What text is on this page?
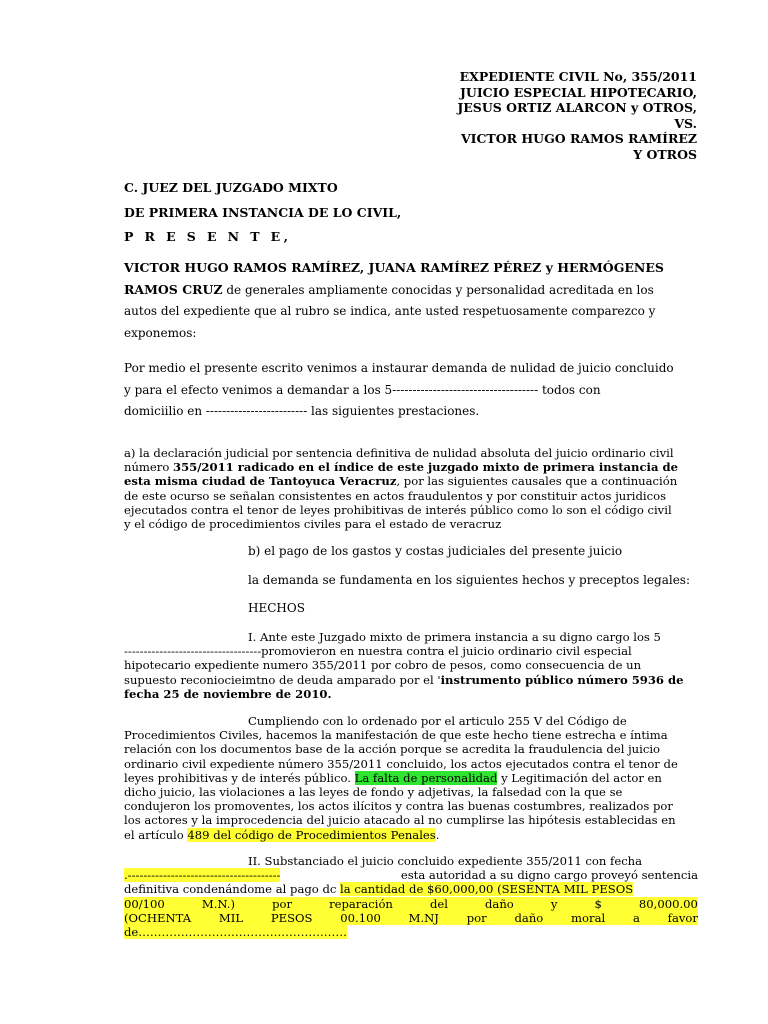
EXPEDIENTE CIVIL No, 355/2011
JUICIO ESPECIAL HIPOTECARIO,
JESUS ORTIZ ALARCON y OTROS,
VS.
VICTOR HUGO RAMOS RAMÍREZ
Y OTROS
C. JUEZ DEL JUZGADO MIXTO
DE PRIMERA INSTANCIA DE LO CIVIL,
P R E S E N T E,
VICTOR HUGO RAMOS RAMÍREZ, JUANA RAMÍREZ PÉREZ y HERMÓGENES
RAMOS CRUZ de generales ampliamente conocidas y personalidad acreditada en los
autos del expediente que al rubro se indica, ante usted respetuosamente comparezco y
exponemos:
Por medio el presente escrito venimos a instaurar demanda de nulidad de juicio concluido
y para el efecto venimos a demandar a los 5------------------------------------ todos con
domiciilio en ------------------------- las siguientes prestaciones.
a) la declaración judicial por sentencia definitiva de nulidad absoluta del juicio ordinario civil
número 355/2011 radicado en el índice de este juzgado mixto de primera instancia de
esta misma ciudad de Tantoyuca Veracruz, por las siguientes causales que a continuación
de este ocurso se señalan consistentes en actos fraudulentos y por constituir actos juridicos
ejecutados contra el tenor de leyes prohibitivas de interés público como lo son el código civil
y el código de procedimientos civiles para el estado de veracruz
b) el pago de los gastos y costas judiciales del presente juicio
la demanda se fundamenta en los siguientes hechos y preceptos legales:
HECHOS
I. Ante este Juzgado mixto de primera instancia a su digno cargo los 5
-----------------------------------promovieron en nuestra contra el juicio ordinario civil especial
hipotecario expediente numero 355/2011 por cobro de pesos, como consecuencia de un
supuesto reconiocieimtno de deuda amparado por el 'instrumento público número 5936 de
fecha 25 de noviembre de 2010.
Cumpliendo con lo ordenado por el articulo 255 V del Código de
Procedimientos Civiles, hacemos la manifestación de que este hecho tiene estrecha e íntima
relación con los documentos base de la acción porque se acredita la fraudulencia del juicio
ordinario civil expediente número 355/2011 concluido, los actos ejecutados contra el tenor de
leyes prohibitivas y de interés público. La falta de personalidad y Legitimación del actor en
dicho juicio, las violaciones a las leyes de fondo y adjetivas, la falsedad con la que se
condujeron los promoventes, los actos ilícitos y contra las buenas costumbres, realizados por
los actores y la improcedencia del juicio atacado al no cumplirse las hipótesis establecidas en
el artículo 489 del código de Procedimientos Penales.
II. Substanciado el juicio concluido expediente 355/2011 con fecha
.---------------------------------------	esta autoridad a su digno cargo proveyó sentencia
definitiva condenándome al pago dc la cantidad de $60,000,00 (SESENTA MIL PESOS
00/100	M.N.)	por	reparación	del	daño	y	$	80,000.00
(OCHENTA MIL PESOS 00.100 M.NJ por daño moral a favor
de………………………………………………
